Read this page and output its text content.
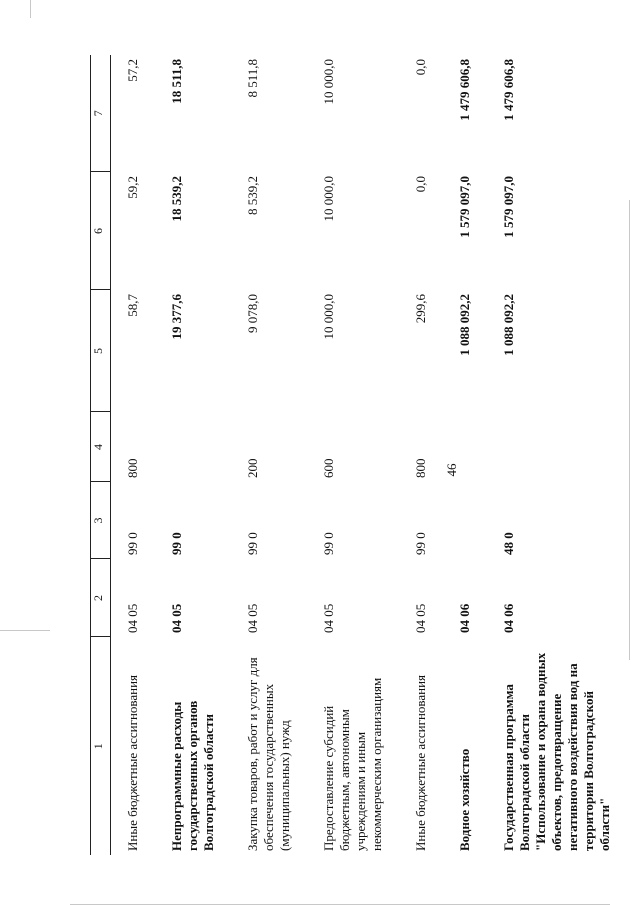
46
1	2	3	4	5	6	7
Иные бюджетные ассигнования	04 05	99 0	800	58,7	59,2	57,2
Непрограммные расходы государственных органов Волгоградской области	04 05	99 0		19 377,6	18 539,2	18 511,8
Закупка товаров, работ и услуг для обеспечения государственных (муниципальных) нужд	04 05	99 0	200	9 078,0	8 539,2	8 511,8
Предоставление субсидий бюджетным, автономным учреждениям и иным некоммерческим организациям	04 05	99 0	600	10 000,0	10 000,0	10 000,0
Иные бюджетные ассигнования	04 05	99 0	800	299,6	0,0	0,0
Водное хозяйство	04 06			1 088 092,2	1 579 097,0	1 479 606,8
Государственная программа Волгоградской области "Использование и охрана водных объектов, предотвращение негативного воздействия вод на территории Волгоградской области"	04 06	48 0		1 088 092,2	1 579 097,0	1 479 606,8
